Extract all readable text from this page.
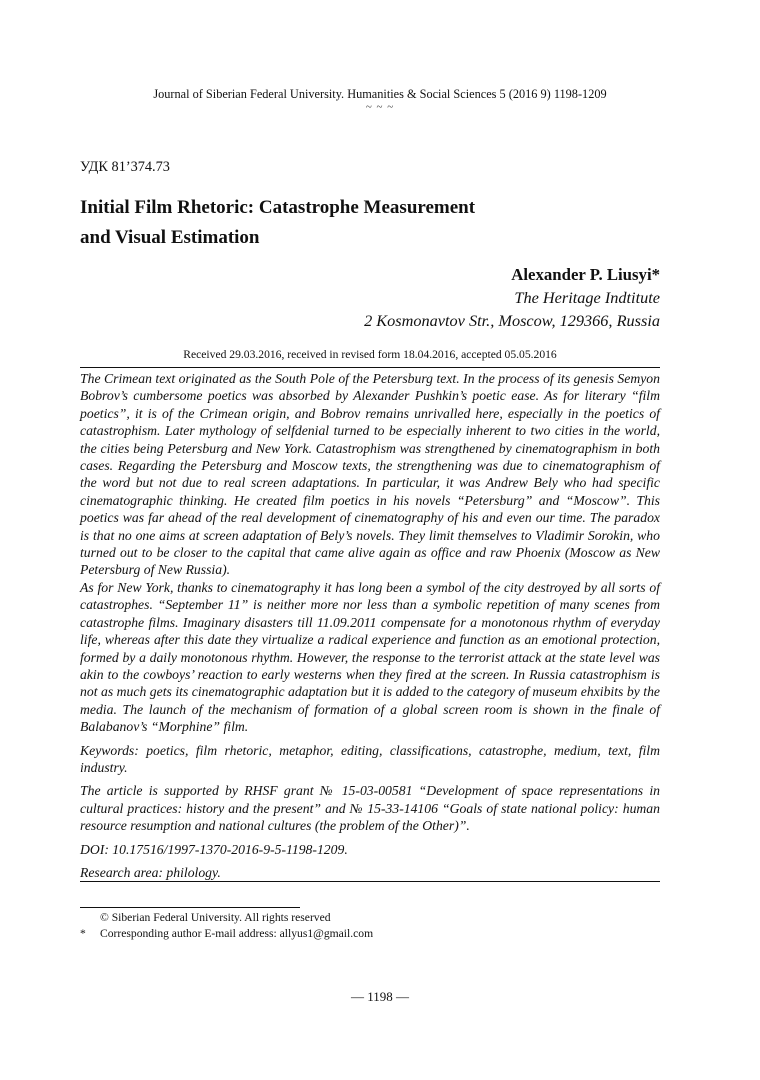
Journal of Siberian Federal University. Humanities & Social Sciences 5 (2016 9) 1198-1209
~ ~ ~
УДК 81’374.73
Initial Film Rhetoric: Catastrophe Measurement
and Visual Estimation
Alexander P. Liusyi*
The Heritage Indtitute
2 Kosmonavtov Str., Moscow, 129366, Russia
Received 29.03.2016, received in revised form 18.04.2016, accepted 05.05.2016

The Crimean text originated as the South Pole of the Petersburg text. In the process of its genesis Semyon Bobrov’s cumbersome poetics was absorbed by Alexander Pushkin’s poetic ease. As for literary “film poetics”, it is of the Crimean origin, and Bobrov remains unrivalled here, especially in the poetics of catastrophism. Later mythology of selfdenial turned to be especially inherent to two cities in the world, the cities being Petersburg and New York. Catastrophism was strengthened by cinematographism in both cases. Regarding the Petersburg and Moscow texts, the strengthening was due to cinematographism of the word but not due to real screen adaptations. In particular, it was Andrew Bely who had specific cinematographic thinking. He created film poetics in his novels “Petersburg” and “Moscow”. This poetics was far ahead of the real development of cinematography of his and even our time. The paradox is that no one aims at screen adaptation of Bely’s novels. They limit themselves to Vladimir Sorokin, who turned out to be closer to the capital that came alive again as office and raw Phoenix (Moscow as New Petersburg of New Russia).

As for New York, thanks to cinematography it has long been a symbol of the city destroyed by all sorts of catastrophes. “September 11” is neither more nor less than a symbolic repetition of many scenes from catastrophe films. Imaginary disasters till 11.09.2011 compensate for a monotonous rhythm of everyday life, whereas after this date they virtualize a radical experience and function as an emotional protection, formed by a daily monotonous rhythm. However, the response to the terrorist attack at the state level was akin to the cowboys’ reaction to early westerns when they fired at the screen. In Russia catastrophism is not as much gets its cinematographic adaptation but it is added to the category of museum ehxibits by the media. The launch of the mechanism of formation of a global screen room is shown in the finale of Balabanov’s “Morphine” film.

Keywords: poetics, film rhetoric, metaphor, editing, classifications, catastrophe, medium, text, film industry.

The article is supported by RHSF grant № 15-03-00581 “Development of space representations in cultural practices: history and the present” and № 15-33-14106 “Goals of state national policy: human resource resumption and national cultures (the problem of the Other)”.

DOI: 10.17516/1997-1370-2016-9-5-1198-1209.

Research area: philology.

© Siberian Federal University. All rights reserved
* Corresponding author E-mail address: allyus1@gmail.com
— 1198 —
